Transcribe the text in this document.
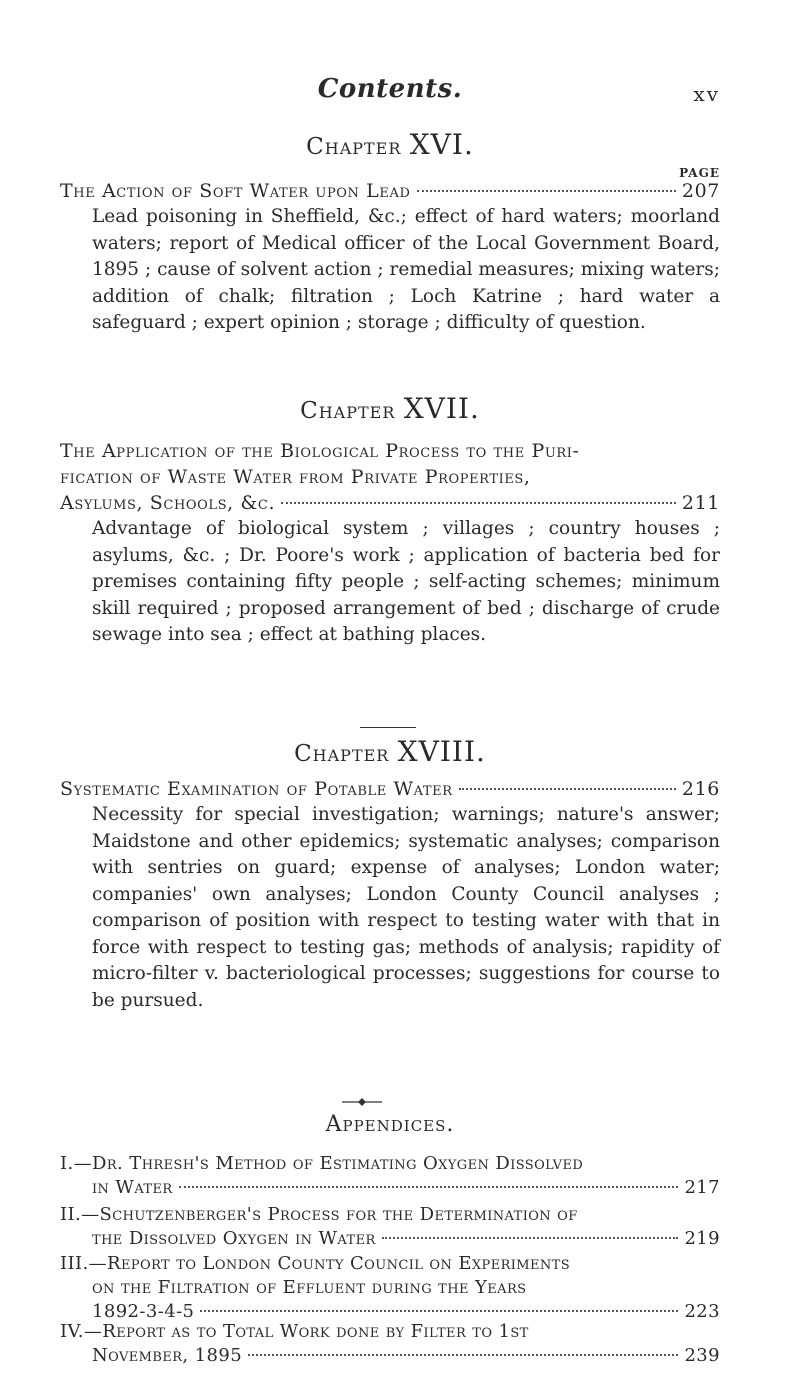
Contents.	xv
Chapter XVI.
PAGE
The Action of Soft Water upon Lead	207
Lead poisoning in Sheffield, &c.; effect of hard waters; moorland waters; report of Medical officer of the Local Government Board, 1895 ; cause of solvent action ; remedial measures; mixing waters; addition of chalk; filtration ; Loch Katrine ; hard water a safeguard ; expert opinion ; storage ; difficulty of question.
Chapter XVII.
The Application of the Biological Process to the Puri-
fication of Waste Water from Private Properties,
Asylums, Schools, &c.	211
Advantage of biological system ; villages ; country houses ; asylums, &c. ; Dr. Poore's work ; application of bacteria bed for premises containing fifty people ; self-acting schemes; minimum skill required ; proposed arrangement of bed ; discharge of crude sewage into sea ; effect at bathing places.
Chapter XVIII.
Systematic Examination of Potable Water	216
Necessity for special investigation; warnings; nature's answer; Maidstone and other epidemics; systematic analyses; comparison with sentries on guard; expense of analyses; London water; companies' own analyses; London County Council analyses ; comparison of position with respect to testing water with that in force with respect to testing gas; methods of analysis; rapidity of micro-filter v. bacteriological processes; suggestions for course to be pursued.
Appendices.
I.—Dr. Thresh's Method of Estimating Oxygen Dissolved
in Water	217
II.—Schutzenberger's Process for the Determination of
the Dissolved Oxygen in Water	219
III.—Report to London County Council on Experiments
on the Filtration of Effluent during the Years
1892-3-4-5	223
IV.—Report as to Total Work done by Filter to 1st
November, 1895	239
